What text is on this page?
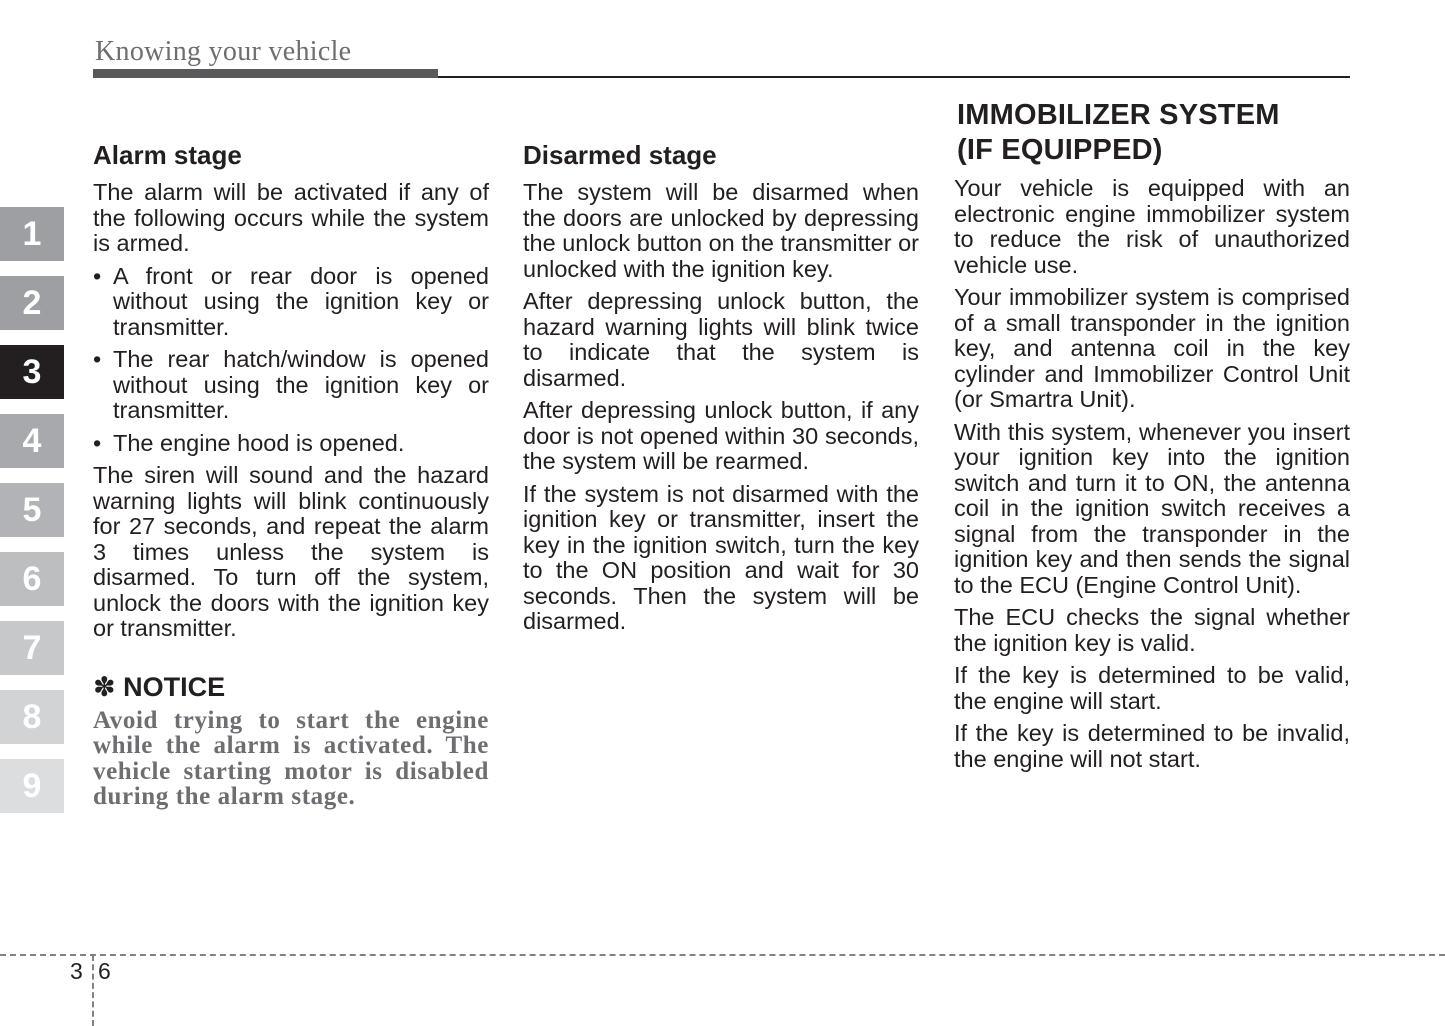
Knowing your vehicle
1
2
3
4
5
6
7
8
9
Alarm stage

The alarm will be activated if any of the following occurs while the system is armed.

• A front or rear door is opened without using the ignition key or transmitter.
• The rear hatch/window is opened without using the ignition key or transmitter.
• The engine hood is opened.

The siren will sound and the hazard warning lights will blink continuously for 27 seconds, and repeat the alarm 3 times unless the system is disarmed. To turn off the system, unlock the doors with the ignition key or transmitter.

✽ NOTICE

Avoid trying to start the engine while the alarm is activated. The vehicle starting motor is disabled during the alarm stage.

Disarmed stage

The system will be disarmed when the doors are unlocked by depressing the unlock button on the transmitter or unlocked with the ignition key.

After depressing unlock button, the hazard warning lights will blink twice to indicate that the system is disarmed.

After depressing unlock button, if any door is not opened within 30 seconds, the system will be rearmed.

If the system is not disarmed with the ignition key or transmitter, insert the key in the ignition switch, turn the key to the ON position and wait for 30 seconds. Then the system will be disarmed.

IMMOBILIZER SYSTEM
(IF EQUIPPED)

Your vehicle is equipped with an electronic engine immobilizer system to reduce the risk of unauthorized vehicle use.

Your immobilizer system is comprised of a small transponder in the ignition key, and antenna coil in the key cylinder and Immobilizer Control Unit (or Smartra Unit).

With this system, whenever you insert your ignition key into the ignition switch and turn it to ON, the antenna coil in the ignition switch receives a signal from the transponder in the ignition key and then sends the signal to the ECU (Engine Control Unit).

The ECU checks the signal whether the ignition key is valid.

If the key is determined to be valid, the engine will start.

If the key is determined to be invalid, the engine will not start.

3 6
